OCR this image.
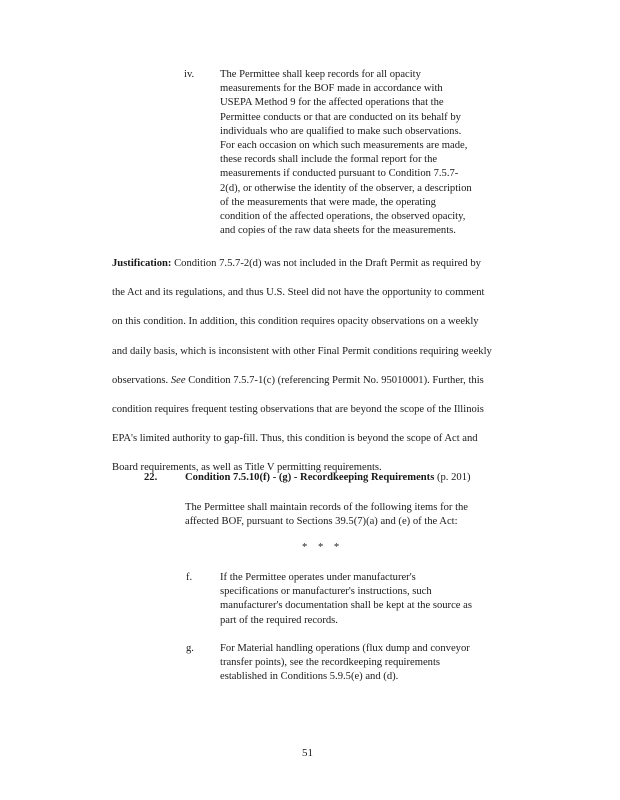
iv. The Permittee shall keep records for all opacity
measurements for the BOF made in accordance with
USEPA Method 9 for the affected operations that the
Permittee conducts or that are conducted on its behalf by
individuals who are qualified to make such observations.
For each occasion on which such measurements are made,
these records shall include the formal report for the
measurements if conducted pursuant to Condition 7.5.7-
2(d), or otherwise the identity of the observer, a description
of the measurements that were made, the operating
condition of the affected operations, the observed opacity,
and copies of the raw data sheets for the measurements.
Justification: Condition 7.5.7-2(d) was not included in the Draft Permit as required by
the Act and its regulations, and thus U.S. Steel did not have the opportunity to comment
on this condition. In addition, this condition requires opacity observations on a weekly
and daily basis, which is inconsistent with other Final Permit conditions requiring weekly
observations. See Condition 7.5.7-1(c) (referencing Permit No. 95010001). Further, this
condition requires frequent testing observations that are beyond the scope of the Illinois
EPA's limited authority to gap-fill. Thus, this condition is beyond the scope of Act and
Board requirements, as well as Title V permitting requirements.
22.	Condition 7.5.10(f) - (g) - Recordkeeping Requirements (p. 201)
The Permittee shall maintain records of the following items for the
affected BOF, pursuant to Sections 39.5(7)(a) and (e) of the Act:
* * *
f.	If the Permittee operates under manufacturer's
specifications or manufacturer's instructions, such
manufacturer's documentation shall be kept at the source as
part of the required records.
g. For Material handling operations (flux dump and conveyor
transfer points), see the recordkeeping requirements
established in Conditions 5.9.5(e) and (d).
51
